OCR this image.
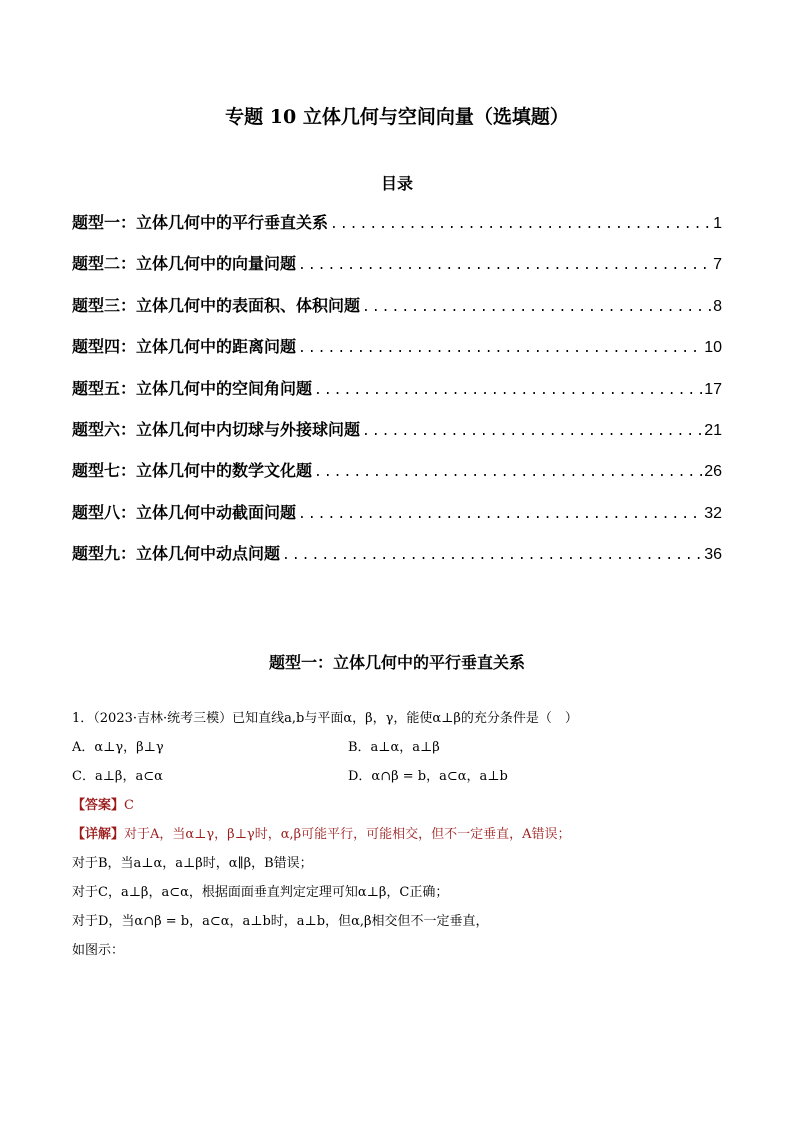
专题 10 立体几何与空间向量（选填题）
目录
题型一：立体几何中的平行垂直关系 .....	1
题型二：立体几何中的向量问题 .....	7
题型三：立体几何中的表面积、体积问题 .....	8
题型四：立体几何中的距离问题 .....	10
题型五：立体几何中的空间角问题 .....	17
题型六：立体几何中内切球与外接球问题 .....	21
题型七：立体几何中的数学文化题 .....	26
题型八：立体几何中动截面问题 .....	32
题型九：立体几何中动点问题 .....	36
题型一：立体几何中的平行垂直关系
1．（2023·吉林·统考三模）已知直线a,b与平面α，β，γ，能使α⊥β的充分条件是（　）
A．α⊥γ，β⊥γ	B．a⊥α，a⊥β
C．a⊥β，a⊂α	D．α∩β = b，a⊂α，a⊥b
【答案】C
【详解】对于A，当α⊥γ，β⊥γ时，α,β可能平行，可能相交，但不一定垂直，A错误；
对于B，当a⊥α，a⊥β时，α∥β，B错误；
对于C，a⊥β，a⊂α，根据面面垂直判定定理可知α⊥β，C正确；
对于D，当α∩β = b，a⊂α，a⊥b时，a⊥b，但α,β相交但不一定垂直，
如图示：
